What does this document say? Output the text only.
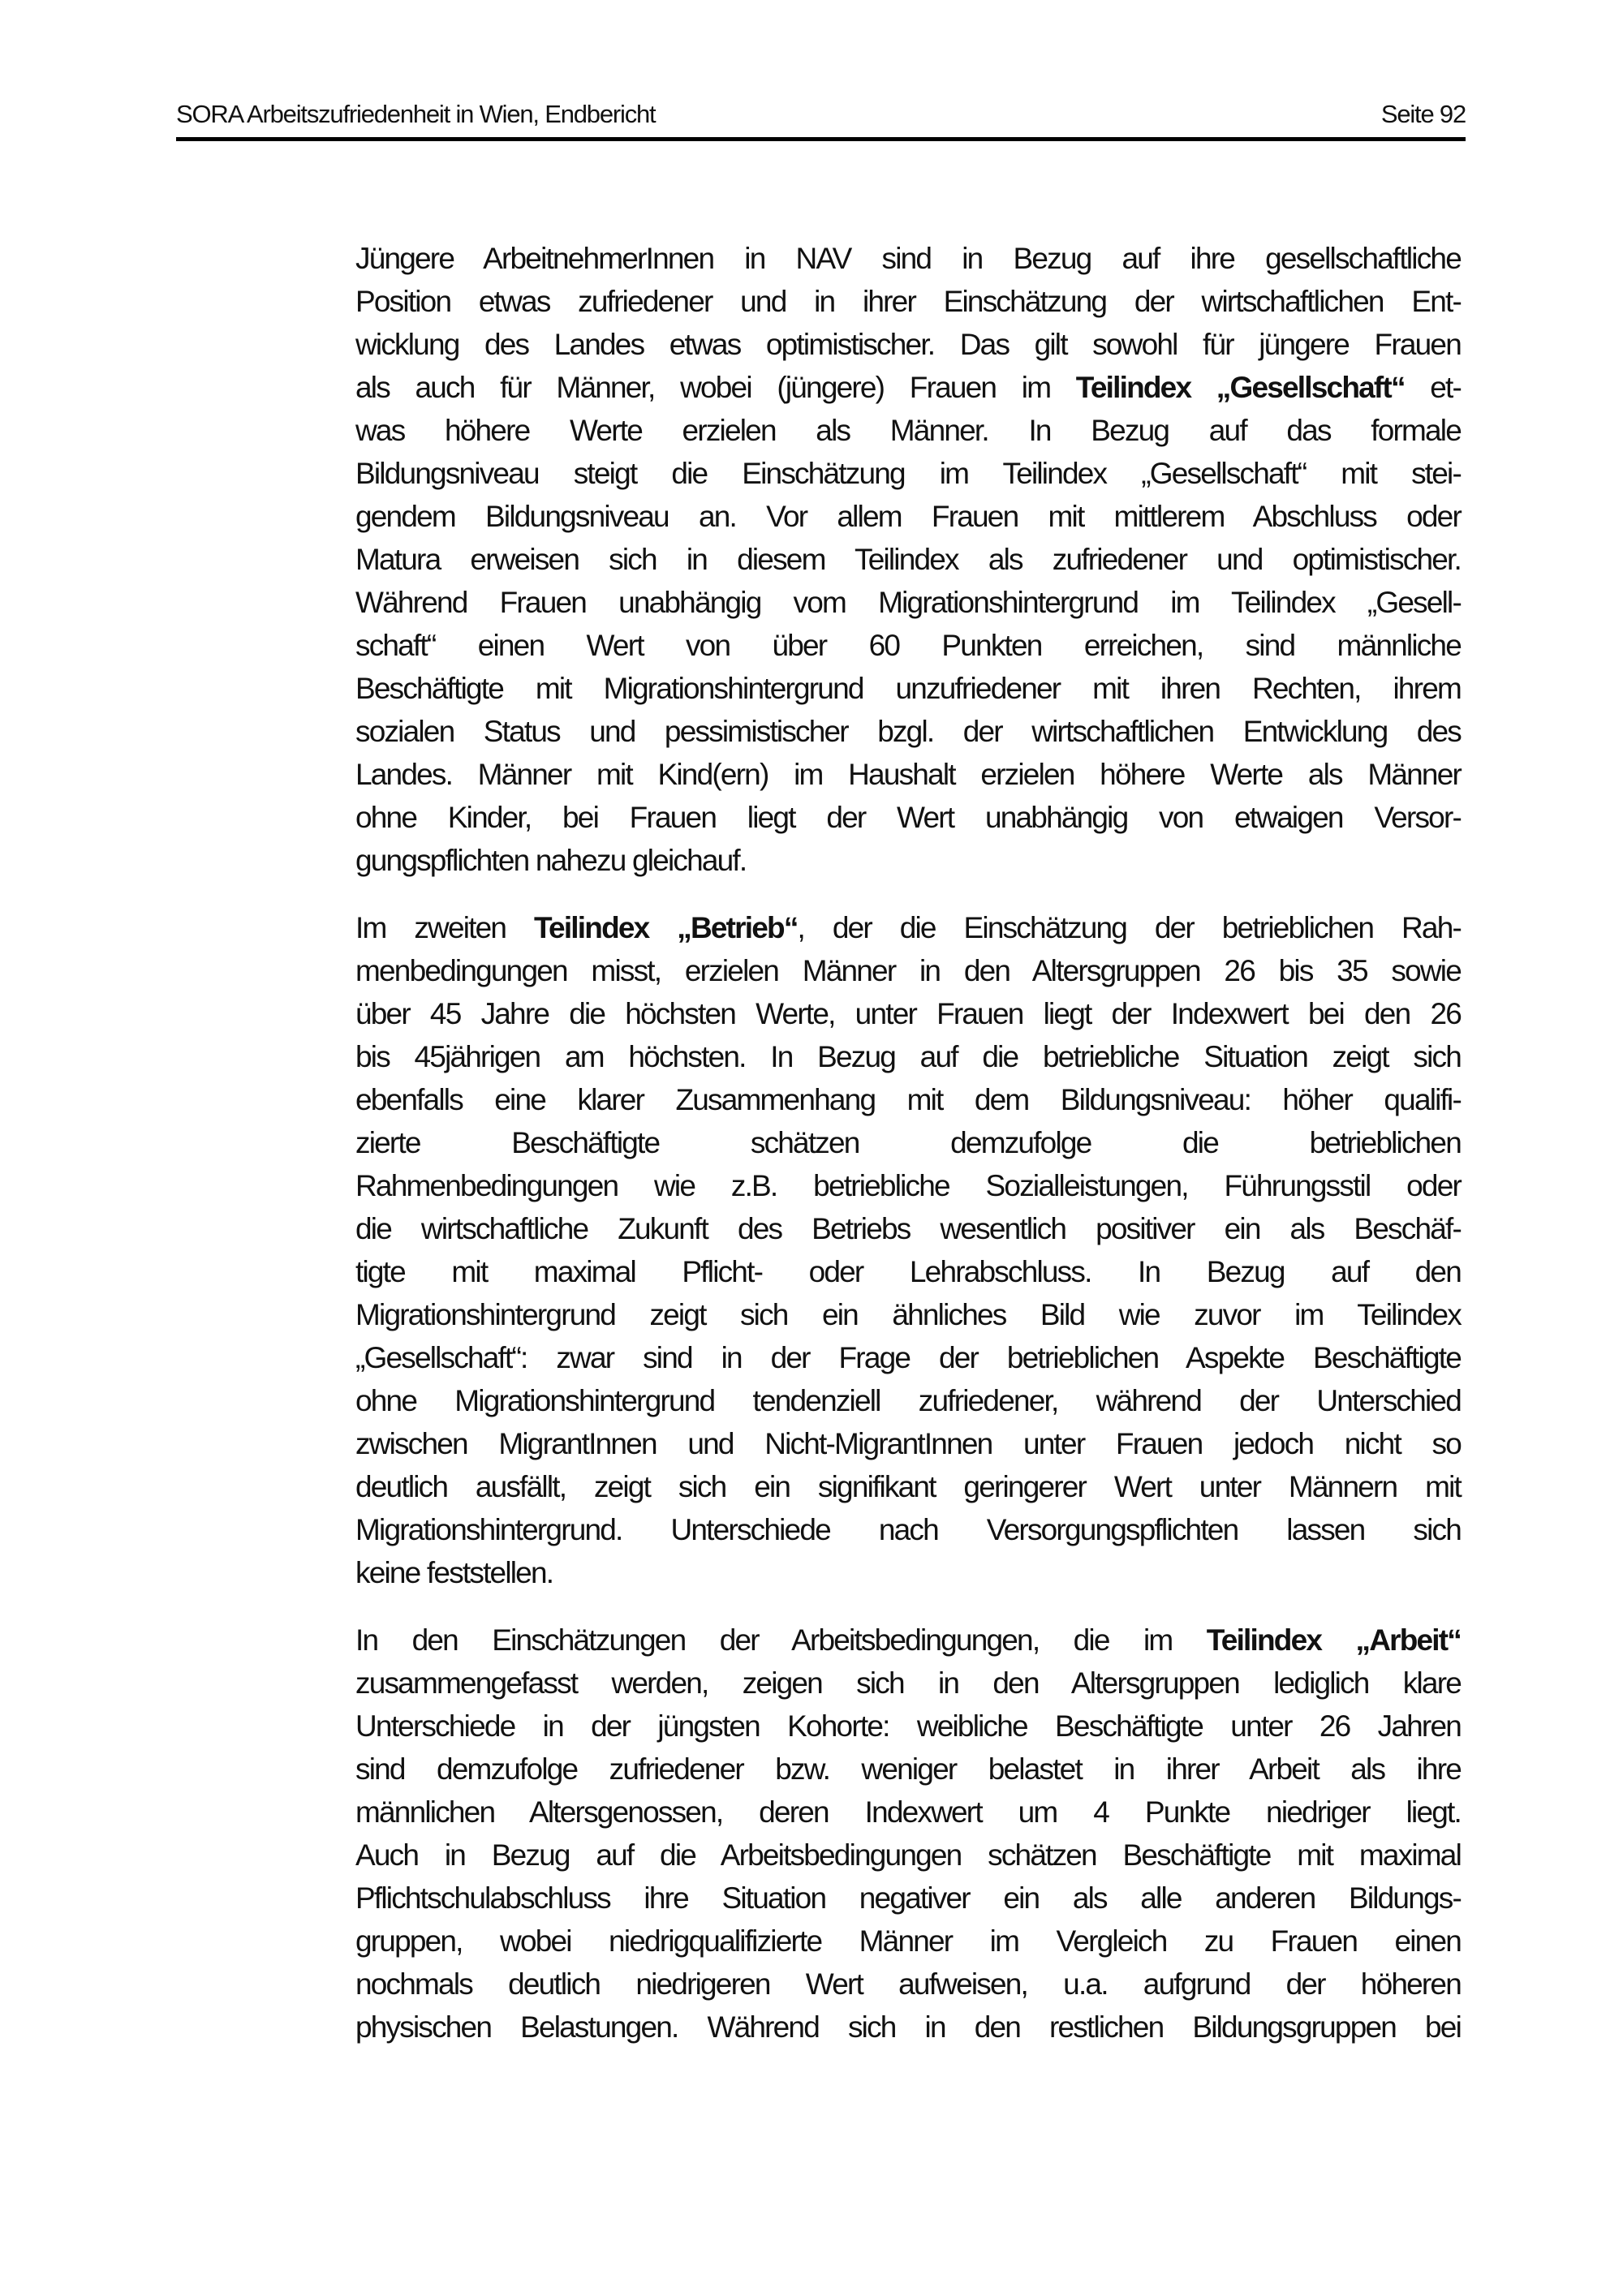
SORA Arbeitszufriedenheit in Wien, Endbericht	Seite 92
Jüngere ArbeitnehmerInnen in NAV sind in Bezug auf ihre gesellschaftliche
Position etwas zufriedener und in ihrer Einschätzung der wirtschaftlichen Ent-
wicklung des Landes etwas optimistischer. Das gilt sowohl für jüngere Frauen
als auch für Männer, wobei (jüngere) Frauen im Teilindex „Gesellschaft“ et-
was höhere Werte erzielen als Männer. In Bezug auf das formale
Bildungsniveau steigt die Einschätzung im Teilindex „Gesellschaft“ mit stei-
gendem Bildungsniveau an. Vor allem Frauen mit mittlerem Abschluss oder
Matura erweisen sich in diesem Teilindex als zufriedener und optimistischer.
Während Frauen unabhängig vom Migrationshintergrund im Teilindex „Gesell-
schaft“ einen Wert von über 60 Punkten erreichen, sind männliche
Beschäftigte mit Migrationshintergrund unzufriedener mit ihren Rechten, ihrem
sozialen Status und pessimistischer bzgl. der wirtschaftlichen Entwicklung des
Landes. Männer mit Kind(ern) im Haushalt erzielen höhere Werte als Männer
ohne Kinder, bei Frauen liegt der Wert unabhängig von etwaigen Versor-
gungspflichten nahezu gleichauf.
Im zweiten Teilindex „Betrieb“, der die Einschätzung der betrieblichen Rah-
menbedingungen misst, erzielen Männer in den Altersgruppen 26 bis 35 sowie
über 45 Jahre die höchsten Werte, unter Frauen liegt der Indexwert bei den 26
bis 45jährigen am höchsten. In Bezug auf die betriebliche Situation zeigt sich
ebenfalls eine klarer Zusammenhang mit dem Bildungsniveau: höher qualifi-
zierte Beschäftigte schätzen demzufolge die betrieblichen
Rahmenbedingungen wie z.B. betriebliche Sozialleistungen, Führungsstil oder
die wirtschaftliche Zukunft des Betriebs wesentlich positiver ein als Beschäf-
tigte mit maximal Pflicht- oder Lehrabschluss. In Bezug auf den
Migrationshintergrund zeigt sich ein ähnliches Bild wie zuvor im Teilindex
„Gesellschaft“: zwar sind in der Frage der betrieblichen Aspekte Beschäftigte
ohne Migrationshintergrund tendenziell zufriedener, während der Unterschied
zwischen MigrantInnen und Nicht-MigrantInnen unter Frauen jedoch nicht so
deutlich ausfällt, zeigt sich ein signifikant geringerer Wert unter Männern mit
Migrationshintergrund. Unterschiede nach Versorgungspflichten lassen sich
keine feststellen.
In den Einschätzungen der Arbeitsbedingungen, die im Teilindex „Arbeit“
zusammengefasst werden, zeigen sich in den Altersgruppen lediglich klare
Unterschiede in der jüngsten Kohorte: weibliche Beschäftigte unter 26 Jahren
sind demzufolge zufriedener bzw. weniger belastet in ihrer Arbeit als ihre
männlichen Altersgenossen, deren Indexwert um 4 Punkte niedriger liegt.
Auch in Bezug auf die Arbeitsbedingungen schätzen Beschäftigte mit maximal
Pflichtschulabschluss ihre Situation negativer ein als alle anderen Bildungs-
gruppen, wobei niedrigqualifizierte Männer im Vergleich zu Frauen einen
nochmals deutlich niedrigeren Wert aufweisen, u.a. aufgrund der höheren
physischen Belastungen. Während sich in den restlichen Bildungsgruppen bei
